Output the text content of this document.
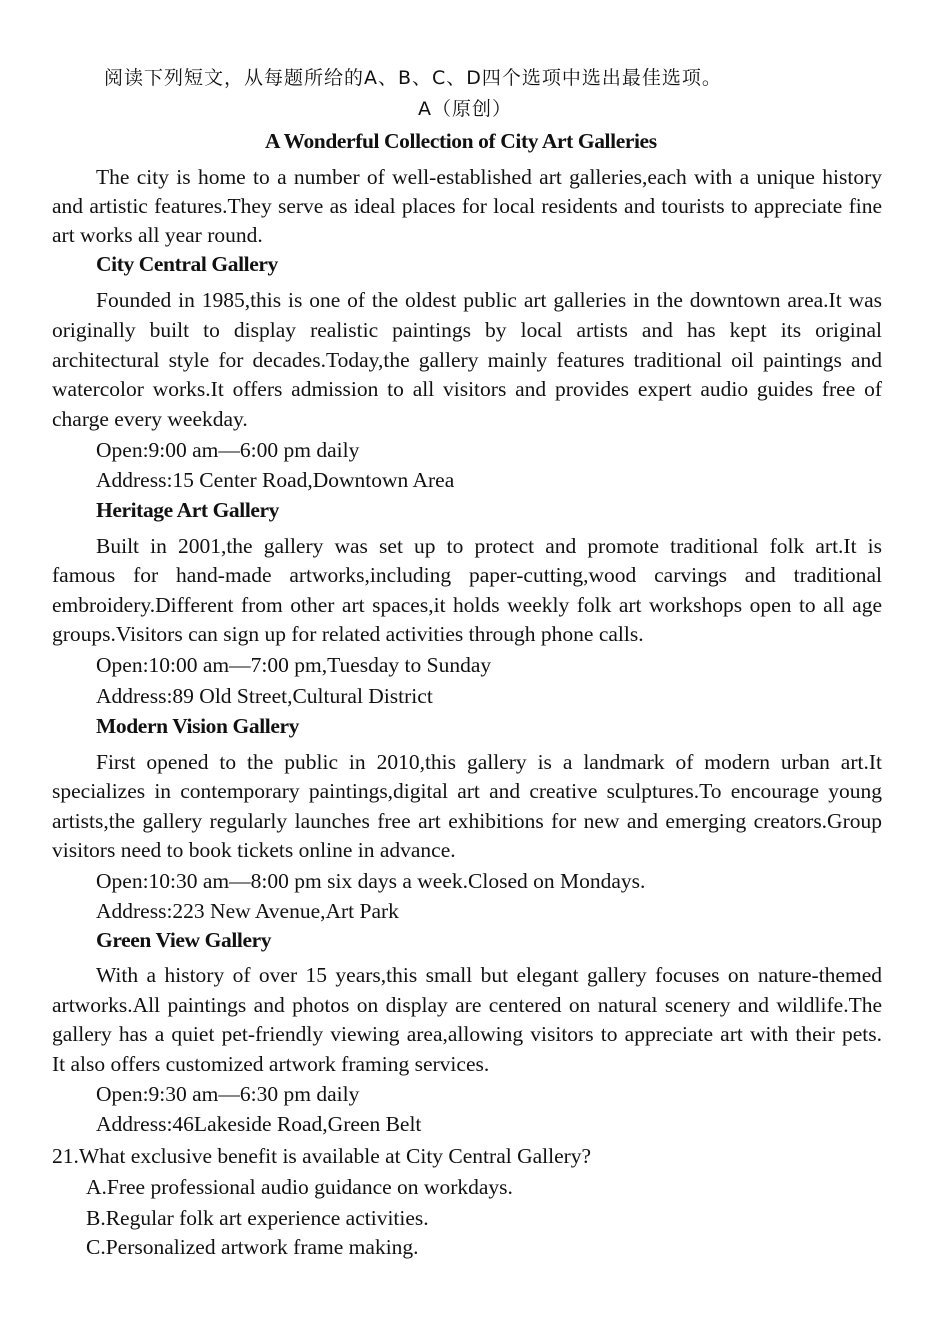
阅读下列短文，从每题所给的A、B、C、D四个选项中选出最佳选项。
A（原创）
A Wonderful Collection of City Art Galleries
The city is home to a number of well-established art galleries,each with a unique history
and artistic features.They serve as ideal places for local residents and tourists to appreciate fine
art works all year round.
City Central Gallery
Founded in 1985,this is one of the oldest public art galleries in the downtown area.It was
originally built to display realistic paintings by local artists and has kept its original
architectural style for decades.Today,the gallery mainly features traditional oil paintings and
watercolor works.It offers admission to all visitors and provides expert audio guides free of
charge every weekday.
Open:9:00 am—6:00 pm daily
Address:15 Center Road,Downtown Area
Heritage Art Gallery
Built in 2001,the gallery was set up to protect and promote traditional folk art.It is
famous for hand-made artworks,including paper-cutting,wood carvings and traditional
embroidery.Different from other art spaces,it holds weekly folk art workshops open to all age
groups.Visitors can sign up for related activities through phone calls.
Open:10:00 am—7:00 pm,Tuesday to Sunday
Address:89 Old Street,Cultural District
Modern Vision Gallery
First opened to the public in 2010,this gallery is a landmark of modern urban art.It
specializes in contemporary paintings,digital art and creative sculptures.To encourage young
artists,the gallery regularly launches free art exhibitions for new and emerging creators.Group
visitors need to book tickets online in advance.
Open:10:30 am—8:00 pm six days a week.Closed on Mondays.
Address:223 New Avenue,Art Park
Green View Gallery
With a history of over 15 years,this small but elegant gallery focuses on nature-themed
artworks.All paintings and photos on display are centered on natural scenery and wildlife.The
gallery has a quiet pet-friendly viewing area,allowing visitors to appreciate art with their pets.
It also offers customized artwork framing services.
Open:9:30 am—6:30 pm daily
Address:46Lakeside Road,Green Belt
21.What exclusive benefit is available at City Central Gallery?
A.Free professional audio guidance on workdays.
B.Regular folk art experience activities.
C.Personalized artwork frame making.
